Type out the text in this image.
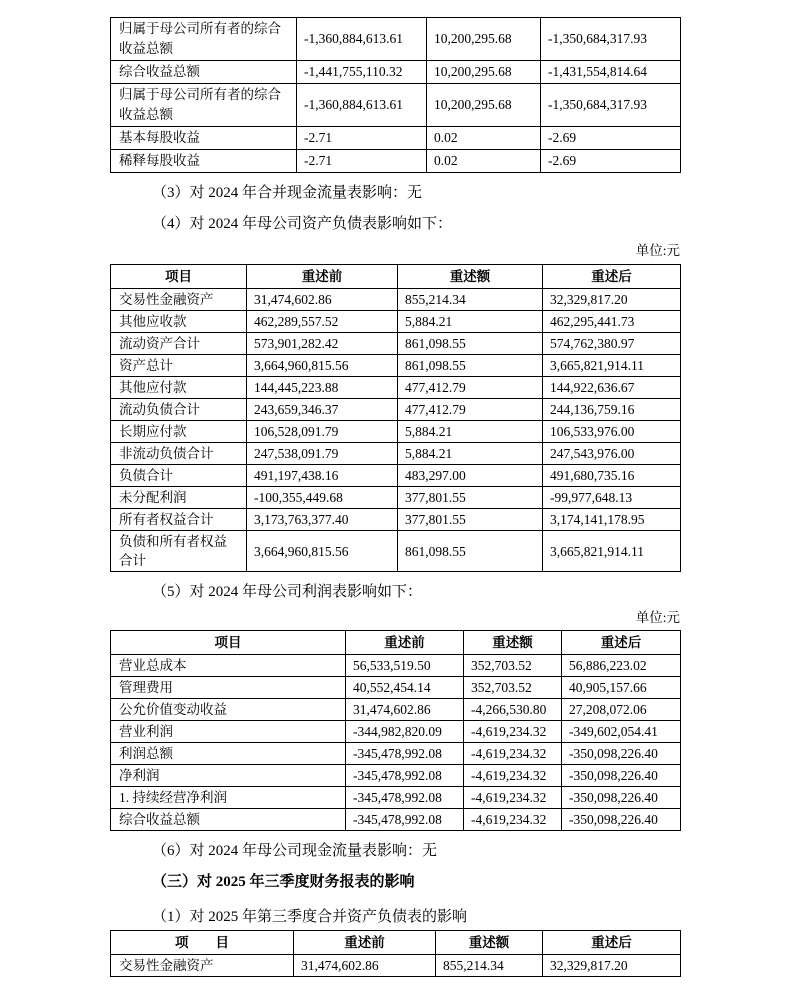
归属于母公司所有者的综合收益总额	-1,360,884,613.61	10,200,295.68	-1,350,684,317.93
综合收益总额	-1,441,755,110.32	10,200,295.68	-1,431,554,814.64
归属于母公司所有者的综合收益总额	-1,360,884,613.61	10,200,295.68	-1,350,684,317.93
基本每股收益	-2.71	0.02	-2.69
稀释每股收益	-2.71	0.02	-2.69

（3）对 2024 年合并现金流量表影响：无

（4）对 2024 年母公司资产负债表影响如下：

单位:元
项目	重述前	重述额	重述后
交易性金融资产	31,474,602.86	855,214.34	32,329,817.20
其他应收款	462,289,557.52	5,884.21	462,295,441.73
流动资产合计	573,901,282.42	861,098.55	574,762,380.97
资产总计	3,664,960,815.56	861,098.55	3,665,821,914.11
其他应付款	144,445,223.88	477,412.79	144,922,636.67
流动负债合计	243,659,346.37	477,412.79	244,136,759.16
长期应付款	106,528,091.79	5,884.21	106,533,976.00
非流动负债合计	247,538,091.79	5,884.21	247,543,976.00
负债合计	491,197,438.16	483,297.00	491,680,735.16
未分配利润	-100,355,449.68	377,801.55	-99,977,648.13
所有者权益合计	3,173,763,377.40	377,801.55	3,174,141,178.95
负债和所有者权益合计	3,664,960,815.56	861,098.55	3,665,821,914.11

（5）对 2024 年母公司利润表影响如下：

单位:元
项目	重述前	重述额	重述后
营业总成本	56,533,519.50	352,703.52	56,886,223.02
管理费用	40,552,454.14	352,703.52	40,905,157.66
公允价值变动收益	31,474,602.86	-4,266,530.80	27,208,072.06
营业利润	-344,982,820.09	-4,619,234.32	-349,602,054.41
利润总额	-345,478,992.08	-4,619,234.32	-350,098,226.40
净利润	-345,478,992.08	-4,619,234.32	-350,098,226.40
1. 持续经营净利润	-345,478,992.08	-4,619,234.32	-350,098,226.40
综合收益总额	-345,478,992.08	-4,619,234.32	-350,098,226.40

（6）对 2024 年母公司现金流量表影响：无

（三）对 2025 年三季度财务报表的影响

（1）对 2025 年第三季度合并资产负债表的影响

项　　目	重述前	重述额	重述后
交易性金融资产	31,474,602.86	855,214.34	32,329,817.20
